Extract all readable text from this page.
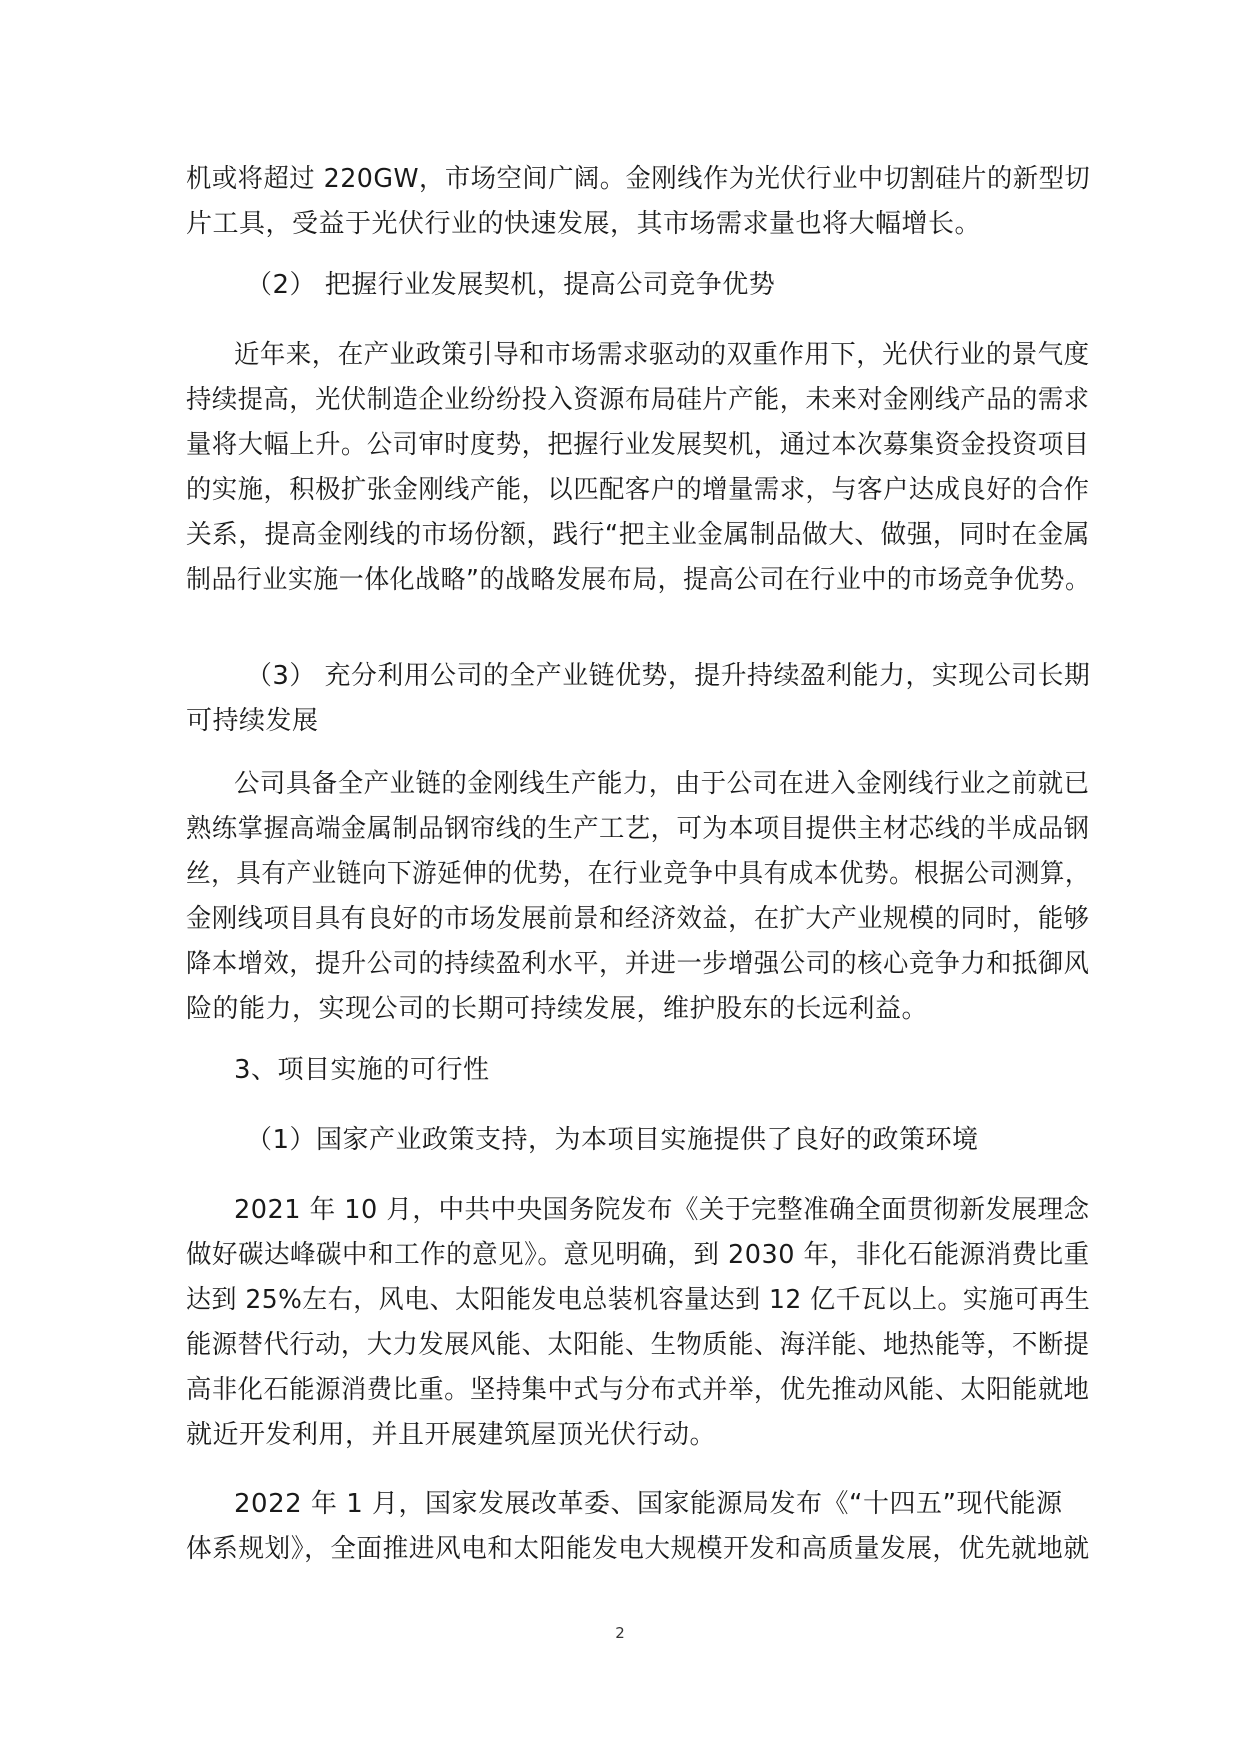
机或将超过 220GW，市场空间广阔。金刚线作为光伏行业中切割硅片的新型切
片工具，受益于光伏行业的快速发展，其市场需求量也将大幅增长。
（2） 把握行业发展契机，提高公司竞争优势
近年来，在产业政策引导和市场需求驱动的双重作用下，光伏行业的景气度
持续提高，光伏制造企业纷纷投入资源布局硅片产能，未来对金刚线产品的需求
量将大幅上升。公司审时度势，把握行业发展契机，通过本次募集资金投资项目
的实施，积极扩张金刚线产能，以匹配客户的增量需求，与客户达成良好的合作
关系，提高金刚线的市场份额，践行“把主业金属制品做大、做强，同时在金属
制品行业实施一体化战略”的战略发展布局，提高公司在行业中的市场竞争优势。
（3） 充分利用公司的全产业链优势，提升持续盈利能力，实现公司长期
可持续发展
公司具备全产业链的金刚线生产能力，由于公司在进入金刚线行业之前就已
熟练掌握高端金属制品钢帘线的生产工艺，可为本项目提供主材芯线的半成品钢
丝，具有产业链向下游延伸的优势，在行业竞争中具有成本优势。根据公司测算，
金刚线项目具有良好的市场发展前景和经济效益，在扩大产业规模的同时，能够
降本增效，提升公司的持续盈利水平，并进一步增强公司的核心竞争力和抵御风
险的能力，实现公司的长期可持续发展，维护股东的长远利益。
3、项目实施的可行性
（1）国家产业政策支持，为本项目实施提供了良好的政策环境
2021 年 10 月，中共中央国务院发布《关于完整准确全面贯彻新发展理念
做好碳达峰碳中和工作的意见》。意见明确，到 2030 年，非化石能源消费比重
达到 25%左右，风电、太阳能发电总装机容量达到 12 亿千瓦以上。实施可再生
能源替代行动，大力发展风能、太阳能、生物质能、海洋能、地热能等，不断提
高非化石能源消费比重。坚持集中式与分布式并举，优先推动风能、太阳能就地
就近开发利用，并且开展建筑屋顶光伏行动。
2022 年 1 月，国家发展改革委、国家能源局发布《“十四五”现代能源
体系规划》，全面推进风电和太阳能发电大规模开发和高质量发展，优先就地就
2
